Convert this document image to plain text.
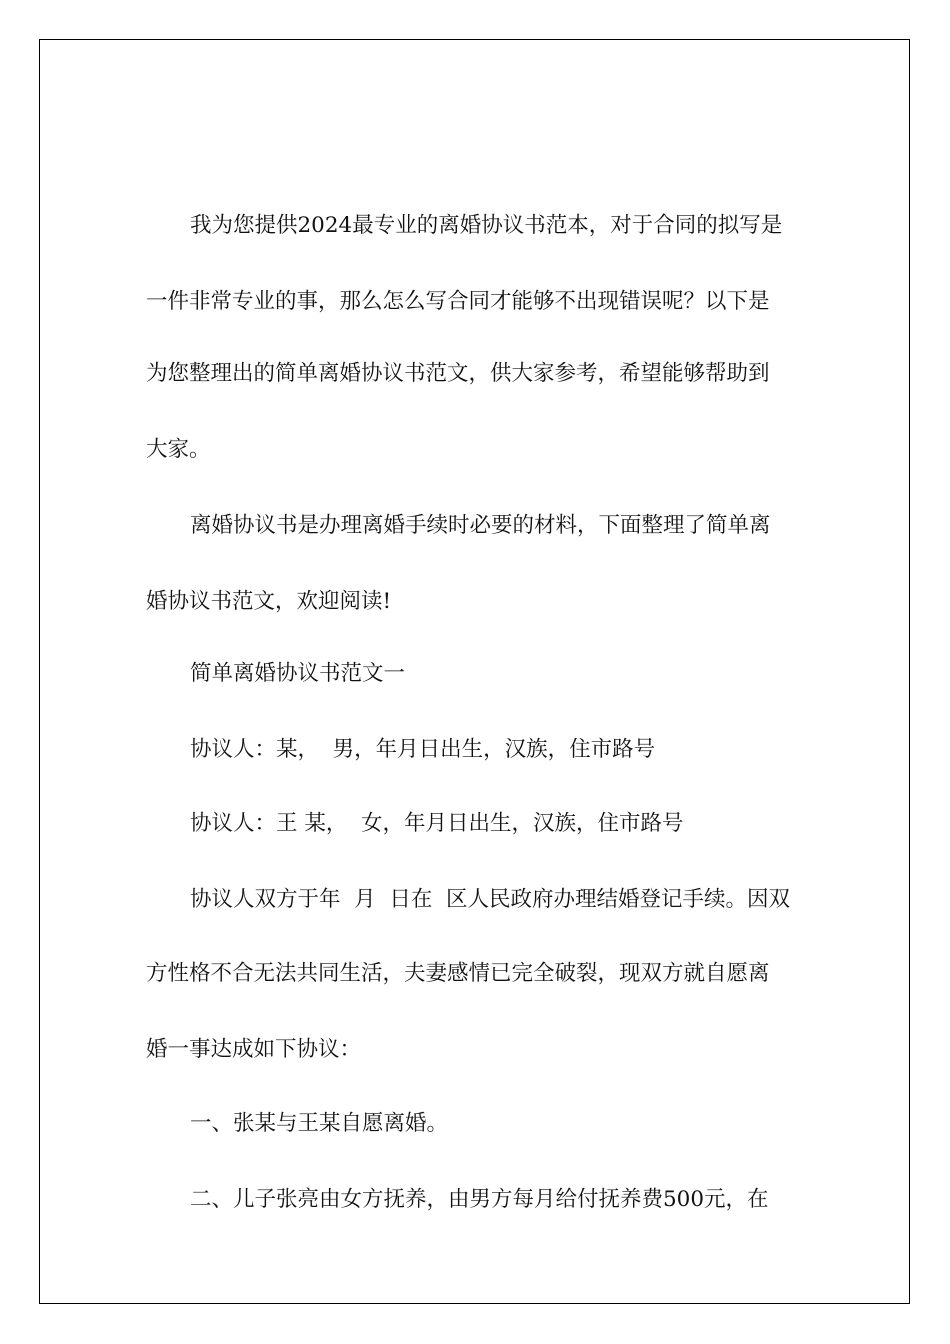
我为您提供2024最专业的离婚协议书范本，对于合同的拟写是
一件非常专业的事，那么怎么写合同才能够不出现错误呢？以下是
为您整理出的简单离婚协议书范文，供大家参考，希望能够帮助到
大家。
离婚协议书是办理离婚手续时必要的材料，下面整理了简单离
婚协议书范文，欢迎阅读!
简单离婚协议书范文一
协议人：某，  男，年月日出生，汉族，住市路号
协议人：王 某，  女，年月日出生，汉族，住市路号
协议人双方于年  月  日在  区人民政府办理结婚登记手续。因双
方性格不合无法共同生活，夫妻感情已完全破裂，现双方就自愿离
婚一事达成如下协议：
一、张某与王某自愿离婚。
二、儿子张亮由女方抚养，由男方每月给付抚养费500元，在
